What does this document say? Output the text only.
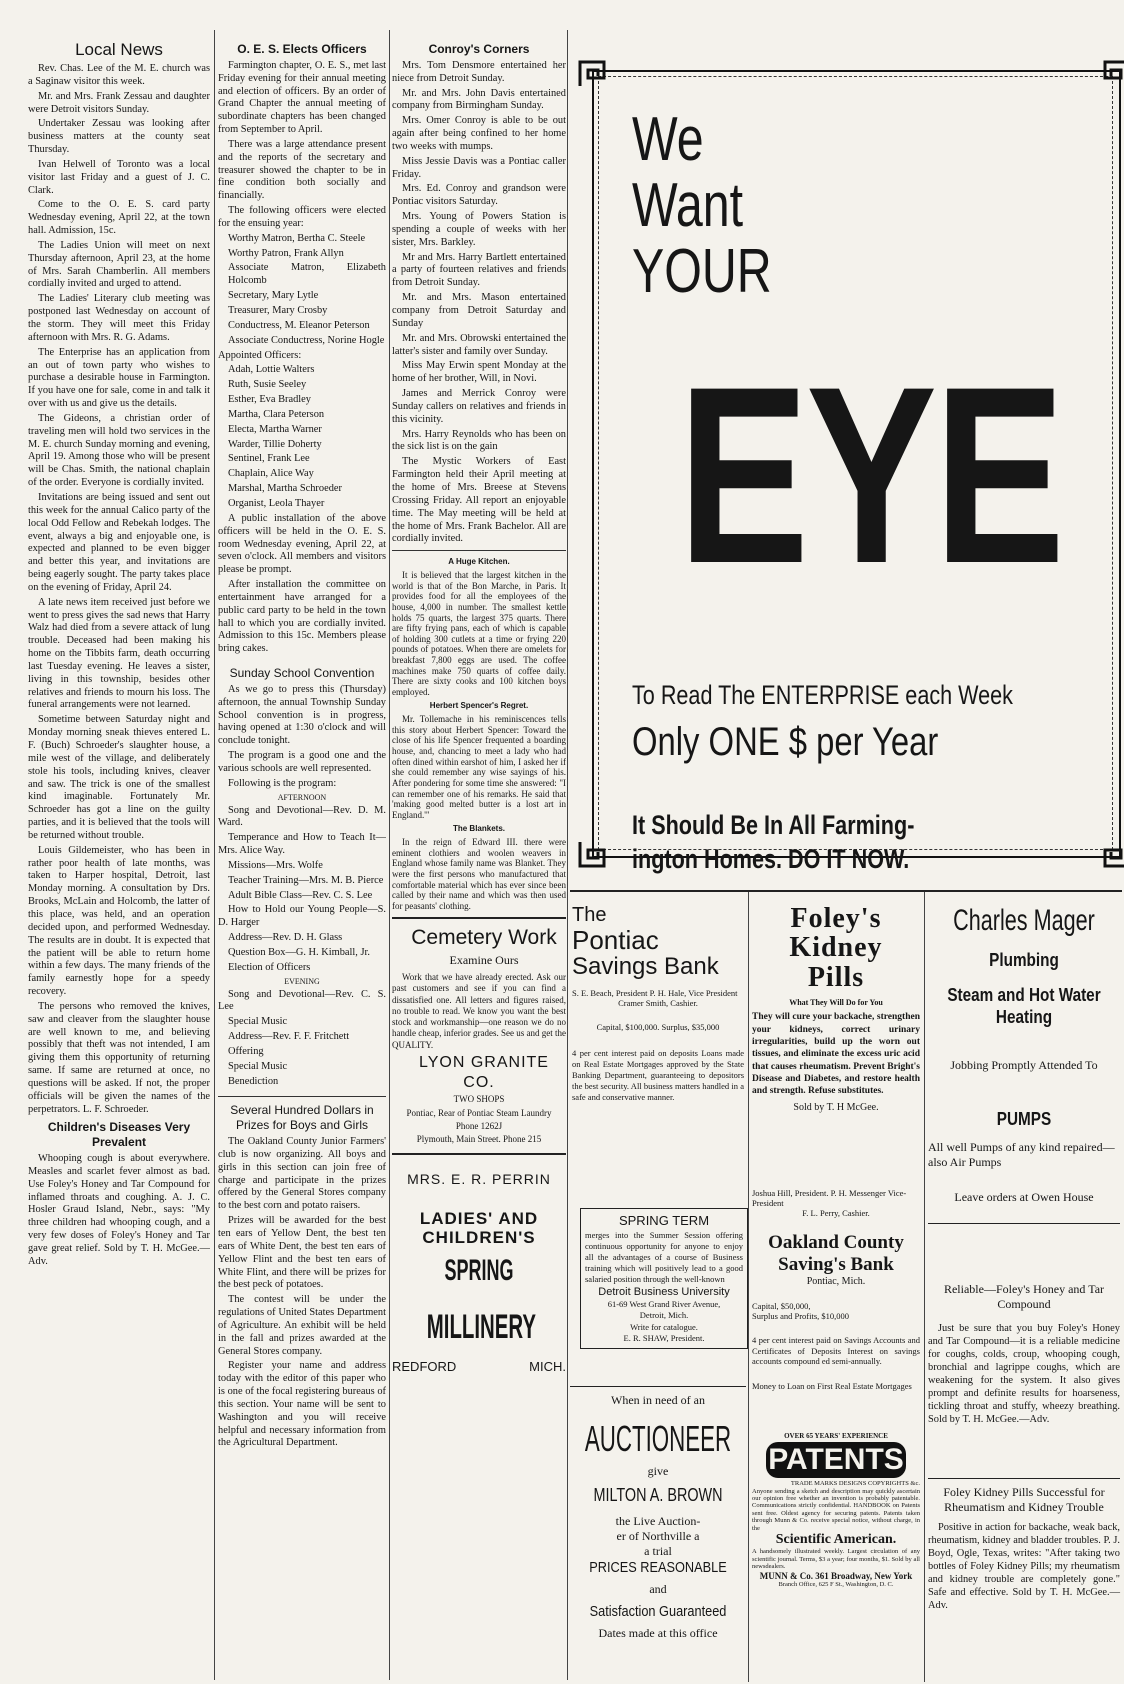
Local News

Rev. Chas. Lee of the M. E. church was a Saginaw visitor this week.

Mr. and Mrs. Frank Zessau and daughter were Detroit visitors Sunday.

Undertaker Zessau was looking after business matters at the county seat Thursday.

Ivan Helwell of Toronto was a local visitor last Friday and a guest of J. C. Clark.

Come to the O. E. S. card party Wednesday evening, April 22, at the town hall. Admission, 15c.

The Ladies Union will meet on next Thursday afternoon, April 23, at the home of Mrs. Sarah Chamberlin. All members cordially invited and urged to attend.

The Ladies' Literary club meeting was postponed last Wednesday on account of the storm. They will meet this Friday afternoon with Mrs. R. G. Adams.

The Enterprise has an application from an out of town party who wishes to purchase a desirable house in Farmington. If you have one for sale, come in and talk it over with us and give us the details.

The Gideons, a christian order of traveling men will hold two services in the M. E. church Sunday morning and evening, April 19. Among those who will be present will be Chas. Smith, the national chaplain of the order. Everyone is cordially invited.

Invitations are being issued and sent out this week for the annual Calico party of the local Odd Fellow and Rebekah lodges. The event, always a big and enjoyable one, is expected and planned to be even bigger and better this year, and invitations are being eagerly sought. The party takes place on the evening of Friday, April 24.

A late news item received just before we went to press gives the sad news that Harry Walz had died from a severe attack of lung trouble. Deceased had been making his home on the Tibbits farm, death occurring last Tuesday evening. He leaves a sister, living in this township, besides other relatives and friends to mourn his loss. The funeral arrangements were not learned.

Sometime between Saturday night and Monday morning sneak thieves entered L. F. (Buch) Schroeder's slaughter house, a mile west of the village, and deliberately stole his tools, including knives, cleaver and saw. The trick is one of the smallest kind imaginable. Fortunately Mr. Schroeder has got a line on the guilty parties, and it is believed that the tools will be returned without trouble.

Louis Gildemeister, who has been in rather poor health of late months, was taken to Harper hospital, Detroit, last Monday morning. A consultation by Drs. Brooks, McLain and Holcomb, the latter of this place, was held, and an operation decided upon, and performed Wednesday. The results are in doubt. It is expected that the patient will be able to return home within a few days. The many friends of the family earnestly hope for a speedy recovery.

The persons who removed the knives, saw and cleaver from the slaughter house are well known to me, and believing possibly that theft was not intended, I am giving them this opportunity of returning same. If same are returned at once, no questions will be asked. If not, the proper officials will be given the names of the perpetrators. L. F. Schroeder.

Children's Diseases Very Prevalent

Whooping cough is about everywhere. Measles and scarlet fever almost as bad. Use Foley's Honey and Tar Compound for inflamed throats and coughing. A. J. C. Hosler Graud Island, Nebr., says: "My three children had whooping cough, and a very few doses of Foley's Honey and Tar gave great relief. Sold by T. H. McGee.—Adv.

O. E. S. Elects Officers

Farmington chapter, O. E. S., met last Friday evening for their annual meeting and election of officers. By an order of Grand Chapter the annual meeting of subordinate chapters has been changed from September to April.

There was a large attendance present and the reports of the secretary and treasurer showed the chapter to be in fine condition both socially and financially.

The following officers were elected for the ensuing year:

Worthy Matron, Bertha C. Steele

Worthy Patron, Frank Allyn

Associate Matron, Elizabeth Holcomb

Secretary, Mary Lytle

Treasurer, Mary Crosby

Conductress, M. Eleanor Peterson

Associate Conductress, Norine Hogle

Appointed Officers:

Adah, Lottie Walters

Ruth, Susie Seeley

Esther, Eva Bradley

Martha, Clara Peterson

Electa, Martha Warner

Warder, Tillie Doherty

Sentinel, Frank Lee

Chaplain, Alice Way

Marshal, Martha Schroeder

Organist, Leola Thayer

A public installation of the above officers will be held in the O. E. S. room Wednesday evening, April 22, at seven o'clock. All members and visitors please be prompt.

After installation the committee on entertainment have arranged for a public card party to be held in the town hall to which you are cordially invited. Admission to this 15c. Members please bring cakes.

Sunday School Convention

As we go to press this (Thursday) afternoon, the annual Township Sunday School convention is in progress, having opened at 1:30 o'clock and will conclude tonight.

The program is a good one and the various schools are well represented.

Following is the program:

AFTERNOON

Song and Devotional—Rev. D. M. Ward.

Temperance and How to Teach It—Mrs. Alice Way.

Missions—Mrs. Wolfe

Teacher Training—Mrs. M. B. Pierce

Adult Bible Class—Rev. C. S. Lee

How to Hold our Young People—S. D. Harger

Address—Rev. D. H. Glass

Question Box—G. H. Kimball, Jr.

Election of Officers

EVENING

Song and Devotional—Rev. C. S. Lee

Special Music

Address—Rev. F. F. Fritchett

Offering

Special Music

Benediction

Several Hundred Dollars in Prizes for Boys and Girls

The Oakland County Junior Farmers' club is now organizing. All boys and girls in this section can join free of charge and participate in the prizes offered by the General Stores company to the best corn and potato raisers.

Prizes will be awarded for the best ten ears of Yellow Dent, the best ten ears of White Dent, the best ten ears of Yellow Flint and the best ten ears of White Flint, and there will be prizes for the best peck of potatoes.

The contest will be under the regulations of United States Department of Agriculture. An exhibit will be held in the fall and prizes awarded at the General Stores company.

Register your name and address today with the editor of this paper who is one of the focal registering bureaus of this section. Your name will be sent to Washington and you will receive helpful and necessary information from the Agricultural Department.

Conroy's Corners

Mrs. Tom Densmore entertained her niece from Detroit Sunday.

Mr. and Mrs. John Davis entertained company from Birmingham Sunday.

Mrs. Omer Conroy is able to be out again after being confined to her home two weeks with mumps.

Miss Jessie Davis was a Pontiac caller Friday.

Mrs. Ed. Conroy and grandson were Pontiac visitors Saturday.

Mrs. Young of Powers Station is spending a couple of weeks with her sister, Mrs. Barkley.

Mr and Mrs. Harry Bartlett entertained a party of fourteen relatives and friends from Detroit Sunday.

Mr. and Mrs. Mason entertained company from Detroit Saturday and Sunday

Mr. and Mrs. Obrowski entertained the latter's sister and family over Sunday.

Miss May Erwin spent Monday at the home of her brother, Will, in Novi.

James and Merrick Conroy were Sunday callers on relatives and friends in this vicinity.

Mrs. Harry Reynolds who has been on the sick list is on the gain

The Mystic Workers of East Farmington held their April meeting at the home of Mrs. Breese at Stevens Crossing Friday. All report an enjoyable time. The May meeting will be held at the home of Mrs. Frank Bachelor. All are cordially invited.

A Huge Kitchen.

It is believed that the largest kitchen in the world is that of the Bon Marche, in Paris. It provides food for all the employees of the house, 4,000 in number. The smallest kettle holds 75 quarts, the largest 375 quarts. There are fifty frying pans, each of which is capable of holding 300 cutlets at a time or frying 220 pounds of potatoes. When there are omelets for breakfast 7,800 eggs are used. The coffee machines make 750 quarts of coffee daily. There are sixty cooks and 100 kitchen boys employed.

Herbert Spencer's Regret.

Mr. Tollemache in his reminiscences tells this story about Herbert Spencer: Toward the close of his life Spencer frequented a boarding house, and, chancing to meet a lady who had often dined within earshot of him, I asked her if she could remember any wise sayings of his. After pondering for some time she answered: "I can remember one of his remarks. He said that 'making good melted butter is a lost art in England.'"

The Blankets.

In the reign of Edward III. there were eminent clothiers and woolen weavers in England whose family name was Blanket. They were the first persons who manufactured that comfortable material which has ever since been called by their name and which was then used for peasants' clothing.

Cemetery Work

Examine Ours

Work that we have already erected. Ask our past customers and see if you can find a dissatisfied one. All letters and figures raised, no trouble to read. We know you want the best stock and workmanship—one reason we do no handle cheap, inferior grades. See us and get the QUALITY.

LYON GRANITE CO.

TWO SHOPS

Pontiac, Rear of Pontiac Steam Laundry

Phone 1262J

Plymouth, Main Street. Phone 215

MRS. E. R. PERRIN
LADIES' AND
CHILDREN'S
SPRING
MILLINERY
REDFORD	MICH.
We
Want
YOUR
EYE
To Read The ENTERPRISE each Week
Only ONE $ per Year
It Should Be In All Farming-
ington Homes. DO IT NOW.
The
Pontiac
Savings Bank
S. E. Beach, President P. H. Hale, Vice President
Cramer Smith, Cashier.
Capital, $100,000. Surplus, $35,000
4 per cent interest paid on deposits Loans made on Real Estate Mortgages approved by the State Banking Department, guaranteeing to depositors the best security. All business matters handled in a safe and conservative manner.
SPRING TERM
merges into the Summer Session offering continuous opportunity for anyone to enjoy all the advantages of a course of Business training which will positively lead to a good salaried position through the well-known
Detroit Business University
61-69 West Grand River Avenue,
Detroit, Mich.
Write for catalogue.
E. R. SHAW, President.
When in need of an
AUCTIONEER
give
MILTON A. BROWN
the Live Auction-
er of Northville a
a trial
PRICES REASONABLE
and
Satisfaction Guaranteed
Dates made at this office
Foley's
Kidney
Pills
What They Will Do for You
They will cure your backache, strengthen your kidneys, correct urinary irregularities, build up the worn out tissues, and eliminate the excess uric acid that causes rheumatism. Prevent Bright's Disease and Diabetes, and restore health and strength. Refuse substitutes.
Sold by T. H McGee.
Joshua Hill, President. P. H. Messenger Vice-President
F. L. Perry, Cashier.
Oakland County
Saving's Bank
Pontiac, Mich.
Capital, $50,000,
Surplus and Profits, $10,000
4 per cent interest paid on Savings Accounts and Certificates of Deposits Interest on savings accounts compound ed semi-annually.
Money to Loan on First Real Estate Mortgages
OVER 65 YEARS' EXPERIENCE
PATENTS
TRADE MARKS DESIGNS COPYRIGHTS &c.
Anyone sending a sketch and description may quickly ascertain our opinion free whether an invention is probably patentable. Communications strictly confidential. HANDBOOK on Patents sent free. Oldest agency for securing patents. Patents taken through Munn & Co. receive special notice, without charge, in the
Scientific American.
A handsomely illustrated weekly. Largest circulation of any scientific journal. Terms, $3 a year; four months, $1. Sold by all newsdealers.
MUNN & Co. 361 Broadway, New York
Branch Office, 625 F St., Washington, D. C.
Charles Mager
Plumbing
Steam and Hot Water Heating
Jobbing Promptly Attended To
PUMPS
All well Pumps of any kind repaired—also Air Pumps
Leave orders at Owen House
Reliable—Foley's Honey and Tar Compound
Just be sure that you buy Foley's Honey and Tar Compound—it is a reliable medicine for coughs, colds, croup, whooping cough, bronchial and lagrippe coughs, which are weakening for the system. It also gives prompt and definite results for hoarseness, tickling throat and stuffy, wheezy breathing. Sold by T. H. McGee.—Adv.
Foley Kidney Pills Successful for Rheumatism and Kidney Trouble
Positive in action for backache, weak back, rheumatism, kidney and bladder troubles. P. J. Boyd, Ogle, Texas, writes: "After taking two bottles of Foley Kidney Pills; my rheumatism and kidney trouble are completely gone." Safe and effective. Sold by T. H. McGee.—Adv.
